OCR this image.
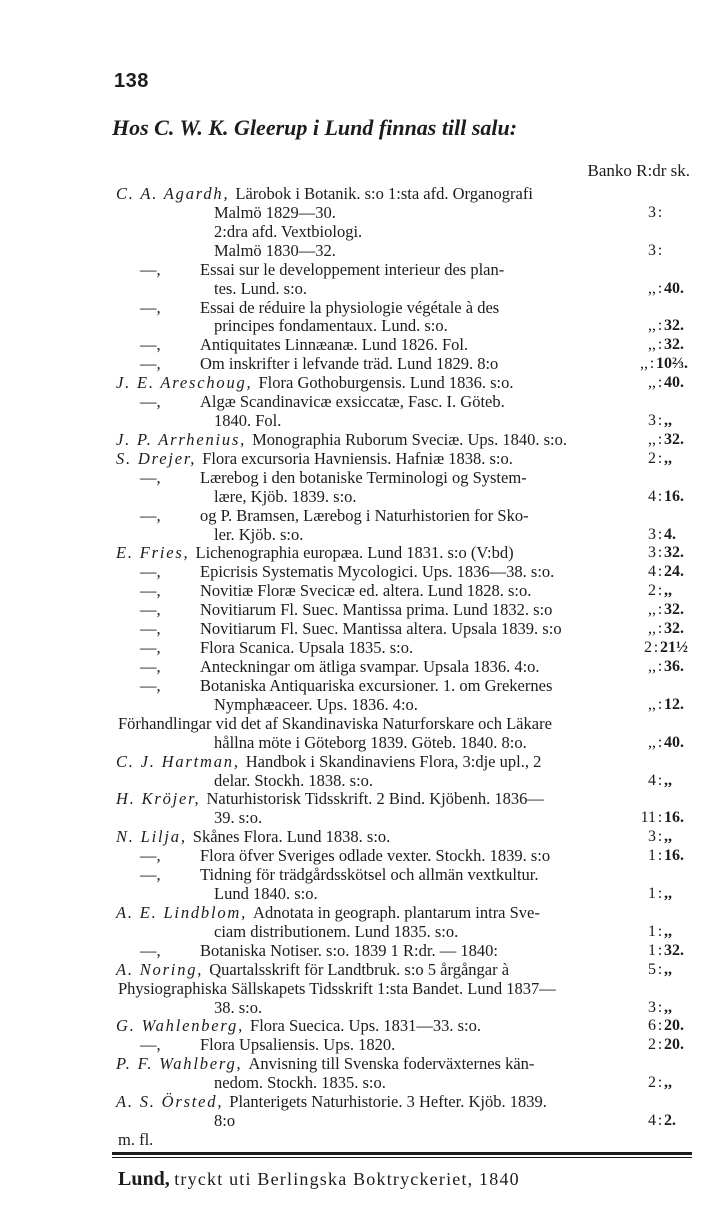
138
Hos C. W. K. Gleerup i Lund finnas till salu:
Banko R:dr sk.
C. A. Agardh, Lärobok i Botanik. s:o 1:sta afd. Organografi
Malmö 1829—30.	3 :
2:dra afd. Vextbiologi.
Malmö 1830—32.	3 :
—, Essai sur le developpement interieur des plan-
tes. Lund. s:o.	,, : 40.
—, Essai de réduire la physiologie végétale à des
principes fondamentaux. Lund. s:o.	,, : 32.
—, Antiquitates Linnæanæ. Lund 1826. Fol.	,, : 32.
—, Om inskrifter i lefvande träd. Lund 1829. 8:o	,, : 10⅔.
J. E. Areschoug, Flora Gothoburgensis. Lund 1836. s:o.	,, : 40.
—, Algæ Scandinavicæ exsiccatæ, Fasc. I. Göteb.
1840. Fol.	3 : ,,
J. P. Arrhenius, Monographia Ruborum Sveciæ. Ups. 1840. s:o.	,, : 32.
S. Drejer, Flora excursoria Havniensis. Hafniæ 1838. s:o.	2 : ,,
—, Lærebog i den botaniske Terminologi og System-
lære, Kjöb. 1839. s:o.	4 : 16.
—, og P. Bramsen, Lærebog i Naturhistorien for Sko-
ler. Kjöb. s:o.	3 : 4.
E. Fries, Lichenographia europæa. Lund 1831. s:o (V:bd)	3 : 32.
—, Epicrisis Systematis Mycologici. Ups. 1836—38. s:o.	4 : 24.
—, Novitiæ Floræ Svecicæ ed. altera. Lund 1828. s:o.	2 : ,,
—, Novitiarum Fl. Suec. Mantissa prima. Lund 1832. s:o	,, : 32.
—, Novitiarum Fl. Suec. Mantissa altera. Upsala 1839. s:o	,, : 32.
—, Flora Scanica. Upsala 1835. s:o.	2 : 21½
—, Anteckningar om ätliga svampar. Upsala 1836. 4:o.	,, : 36.
—, Botaniska Antiquariska excursioner. 1. om Grekernes
Nymphæaceer. Ups. 1836. 4:o.	,, : 12.
Förhandlingar vid det af Skandinaviska Naturforskare och Läkare
hållna möte i Göteborg 1839. Göteb. 1840. 8:o.	,, : 40.
C. J. Hartman, Handbok i Skandinaviens Flora, 3:dje upl., 2
delar. Stockh. 1838. s:o.	4 : ,,
H. Kröjer, Naturhistorisk Tidsskrift. 2 Bind. Kjöbenh. 1836—
39. s:o.	11 : 16.
N. Lilja, Skånes Flora. Lund 1838. s:o.	3 : ,,
—, Flora öfver Sveriges odlade vexter. Stockh. 1839. s:o	1 : 16.
—, Tidning för trädgårdsskötsel och allmän vextkultur.
Lund 1840. s:o.	1 : ,,
A. E. Lindblom, Adnotata in geograph. plantarum intra Sve-
ciam distributionem. Lund 1835. s:o.	1 : ,,
—, Botaniska Notiser. s:o. 1839 1 R:dr. — 1840:	1 : 32.
A. Noring, Quartalsskrift för Landtbruk. s:o 5 årgångar à	5 : ,,
Physiographiska Sällskapets Tidsskrift 1:sta Bandet. Lund 1837—
38. s:o.	3 : ,,
G. Wahlenberg, Flora Suecica. Ups. 1831—33. s:o.	6 : 20.
—, Flora Upsaliensis. Ups. 1820.	2 : 20.
P. F. Wahlberg, Anvisning till Svenska foderväxternes kän-
nedom. Stockh. 1835. s:o.	2 : ,,
A. S. Örsted, Planterigets Naturhistorie. 3 Hefter. Kjöb. 1839.
8:o	4 : 2.
m. fl.
Lund, tryckt uti Berlingska Boktryckeriet, 1840
